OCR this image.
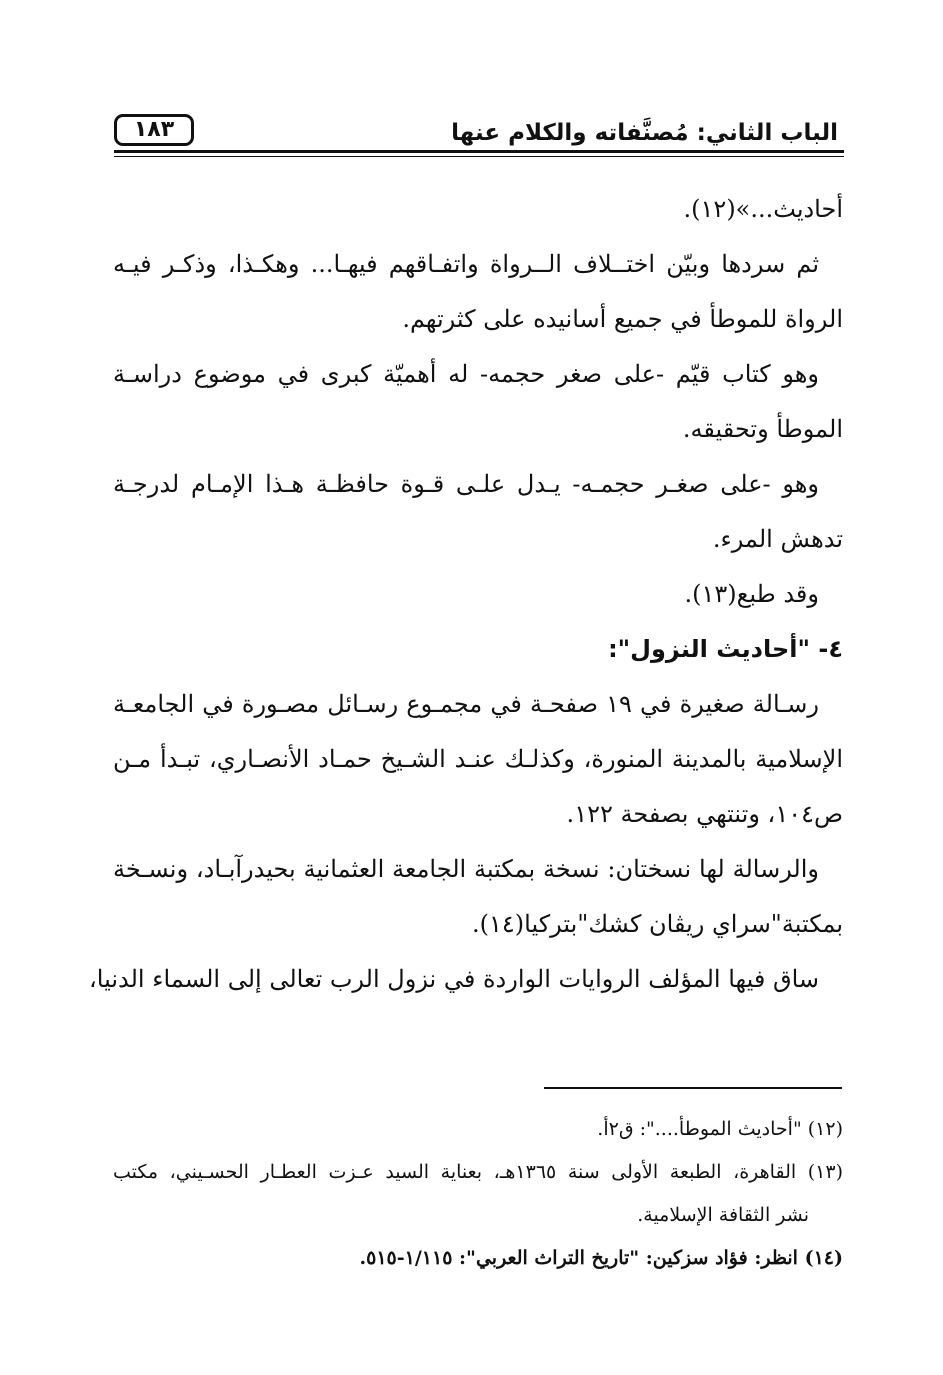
الباب الثاني: مُصنَّفاته والكلام عنها
١٨٣
أحاديث...»(١٢).
ثم سردها وبيّن اختــلاف الــرواة واتفـاقهم فيهـا... وهكـذا، وذكـر فيـه
الرواة للموطأ في جميع أسانيده على كثرتهم.
وهو كتاب قيّم -على صغر حجمه- له أهميّة كبرى في موضوع دراسـة
الموطأ وتحقيقه.
وهو -على صغـر حجمـه- يـدل علـى قـوة حافظـة هـذا الإمـام لدرجـة
تدهش المرء.
وقد طبع(١٣).
٤- "أحاديث النزول":
رسـالة صغيرة في ١٩ صفحـة في مجمـوع رسـائل مصـورة في الجامعـة
الإسلامية بالمدينة المنورة، وكذلـك عنـد الشـيخ حمـاد الأنصـاري، تبـدأ مـن
ص١٠٤، وتنتهي بصفحة ١٢٢.
والرسالة لها نسختان: نسخة بمكتبة الجامعة العثمانية بحيدرآبـاد، ونسـخة
بمكتبة"سراي ريڤان كشك"بتركيا(١٤).
ساق فيها المؤلف الروايات الواردة في نزول الرب تعالى إلى السماء الدنيا،
(١٢) "أحاديث الموطأ....": ق٢أ.
(١٣) القاهرة، الطبعة الأولى سنة ١٣٦٥هـ، بعناية السيد عـزت العطـار الحسـيني، مكتب
نشر الثقافة الإسلامية.
(١٤) انظر: فؤاد سزكين: "تاريخ التراث العربي": ١/١١٥-٥١٥.
